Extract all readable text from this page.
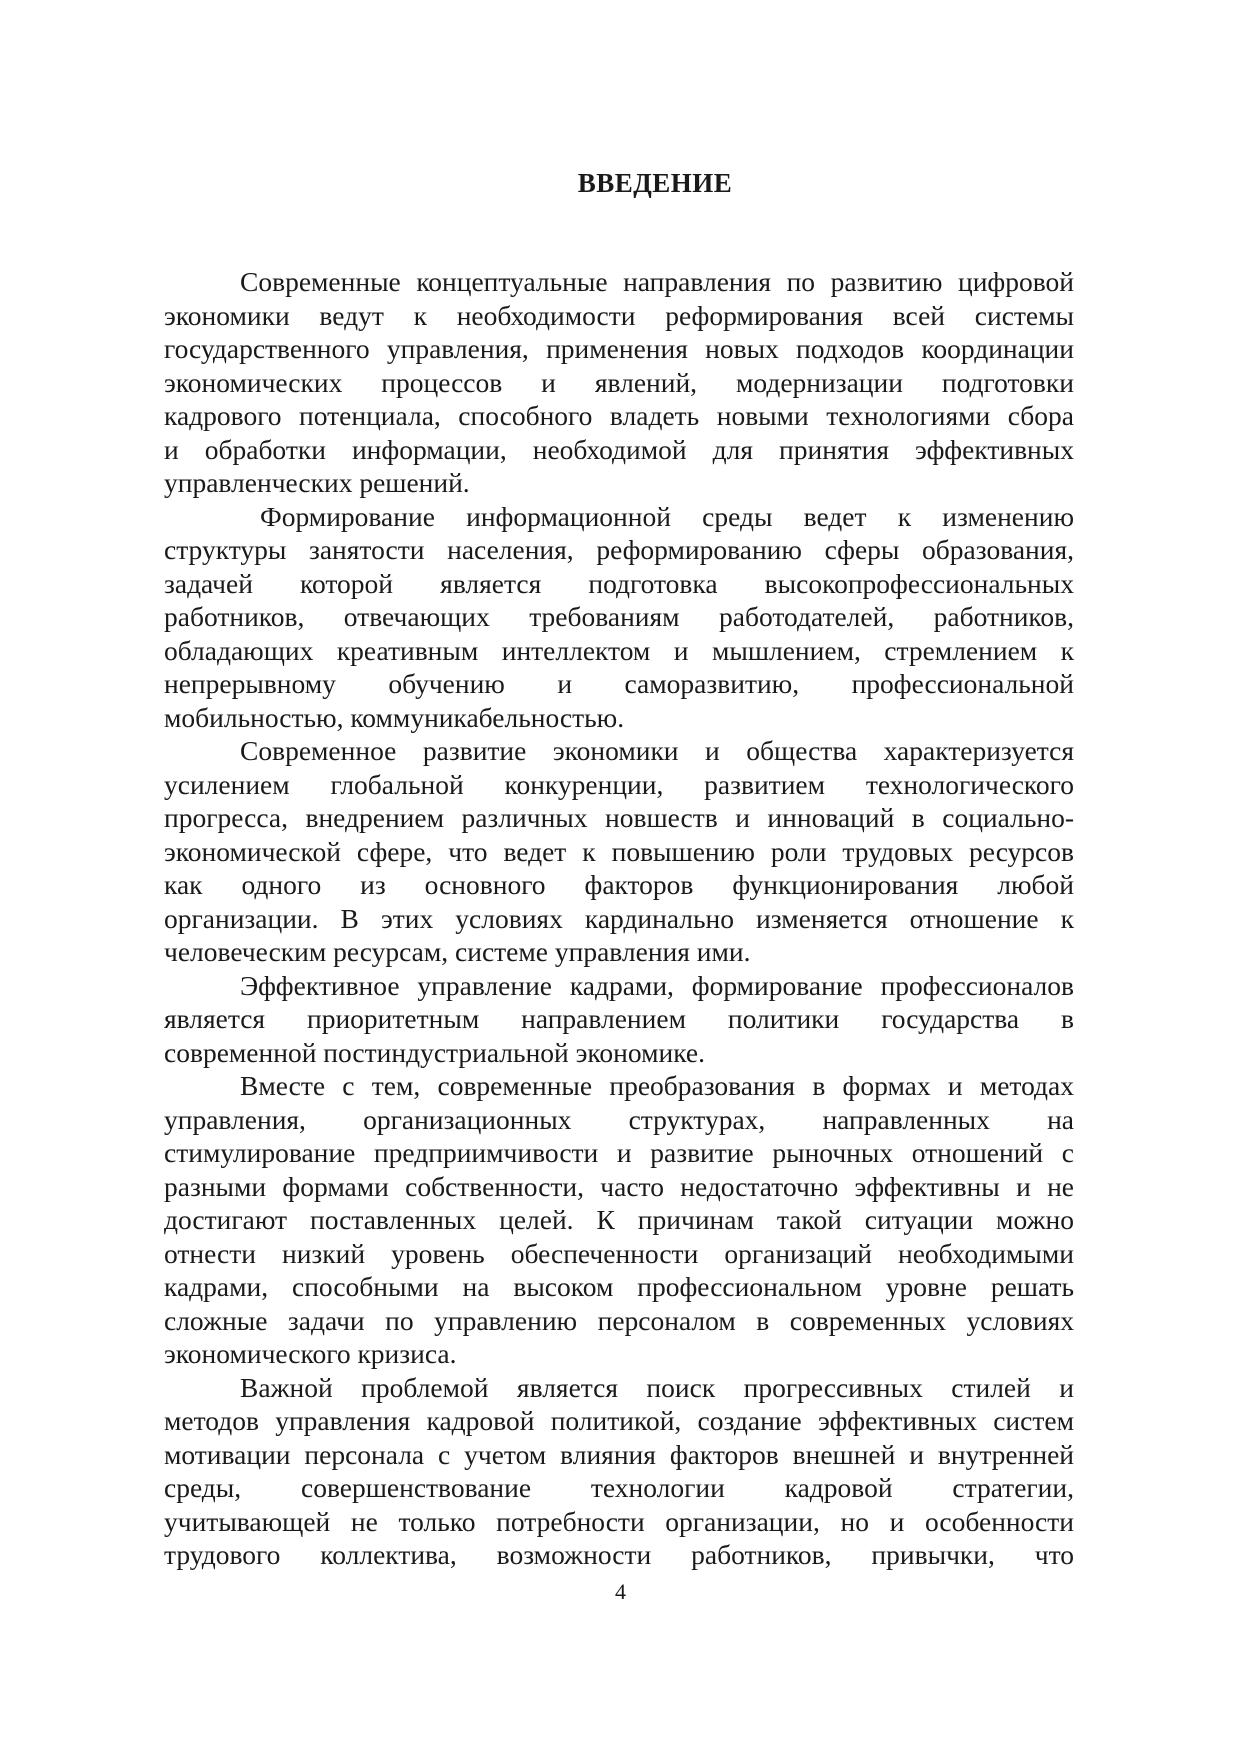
ВВЕДЕНИЕ
Современные концептуальные направления по развитию цифровой
экономики ведут к необходимости реформирования всей системы
государственного управления, применения новых подходов координации
экономических процессов и явлений, модернизации подготовки
кадрового потенциала, способного владеть новыми технологиями сбора
и обработки информации, необходимой для принятия эффективных
управленческих решений.
Формирование информационной среды ведет к изменению
структуры занятости населения, реформированию сферы образования,
задачей которой является подготовка высокопрофессиональных
работников, отвечающих требованиям работодателей, работников,
обладающих креативным интеллектом и мышлением, стремлением к
непрерывному обучению и саморазвитию, профессиональной
мобильностью, коммуникабельностью.
Современное развитие экономики и общества характеризуется
усилением глобальной конкуренции, развитием технологического
прогресса, внедрением различных новшеств и инноваций в социально-
экономической сфере, что ведет к повышению роли трудовых ресурсов
как одного из основного факторов функционирования любой
организации. В этих условиях кардинально изменяется отношение к
человеческим ресурсам, системе управления ими.
Эффективное управление кадрами, формирование профессионалов
является приоритетным направлением политики государства в
современной постиндустриальной экономике.
Вместе с тем, современные преобразования в формах и методах
управления, организационных структурах, направленных на
стимулирование предприимчивости и развитие рыночных отношений с
разными формами собственности, часто недостаточно эффективны и не
достигают поставленных целей. К причинам такой ситуации можно
отнести низкий уровень обеспеченности организаций необходимыми
кадрами, способными на высоком профессиональном уровне решать
сложные задачи по управлению персоналом в современных условиях
экономического кризиса.
Важной проблемой является поиск прогрессивных стилей и
методов управления кадровой политикой, создание эффективных систем
мотивации персонала с учетом влияния факторов внешней и внутренней
среды, совершенствование технологии кадровой стратегии,
учитывающей не только потребности организации, но и особенности
трудового коллектива, возможности работников, привычки, что

4
